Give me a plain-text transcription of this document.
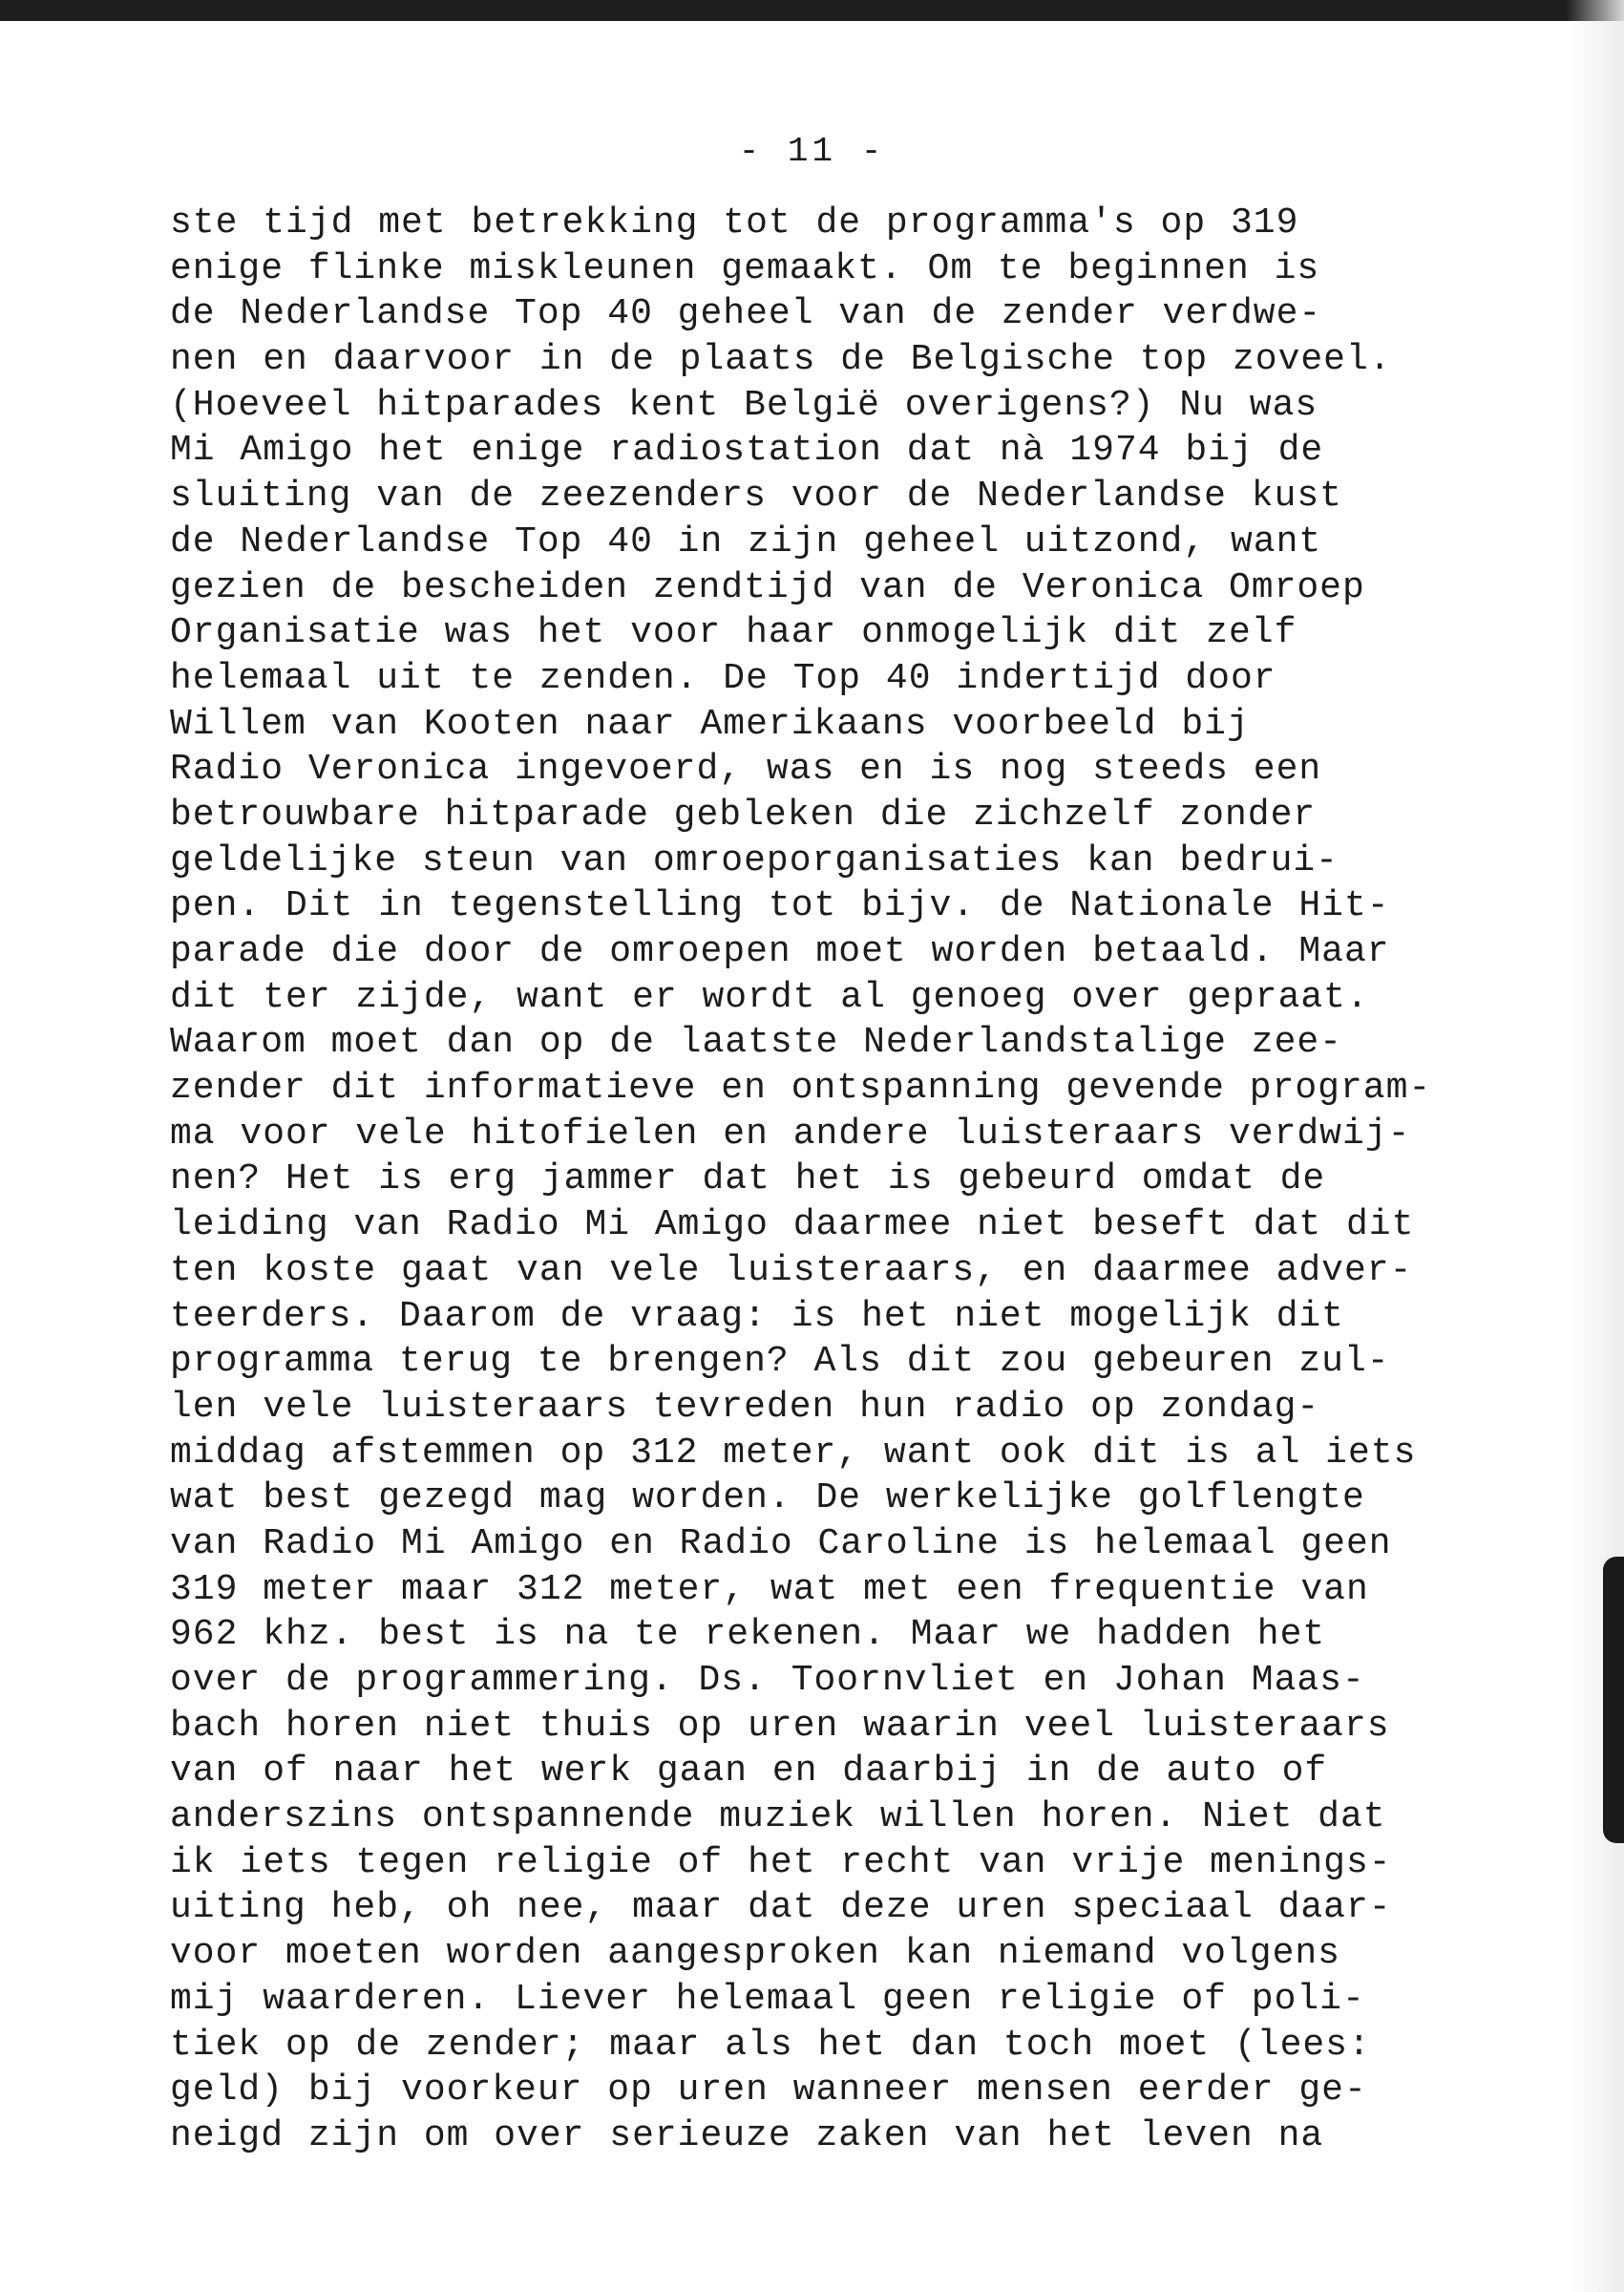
- 11 -
ste tijd met betrekking tot de programma's op 319
enige flinke miskleunen gemaakt. Om te beginnen is
de Nederlandse Top 40 geheel van de zender verdwe-
nen en daarvoor in de plaats de Belgische top zoveel.
(Hoeveel hitparades kent België overigens?) Nu was
Mi Amigo het enige radiostation dat nà 1974 bij de
sluiting van de zeezenders voor de Nederlandse kust
de Nederlandse Top 40 in zijn geheel uitzond, want
gezien de bescheiden zendtijd van de Veronica Omroep
Organisatie was het voor haar onmogelijk dit zelf
helemaal uit te zenden. De Top 40 indertijd door
Willem van Kooten naar Amerikaans voorbeeld bij
Radio Veronica ingevoerd, was en is nog steeds een
betrouwbare hitparade gebleken die zichzelf zonder
geldelijke steun van omroeporganisaties kan bedrui-
pen. Dit in tegenstelling tot bijv. de Nationale Hit-
parade die door de omroepen moet worden betaald. Maar
dit ter zijde, want er wordt al genoeg over gepraat.
Waarom moet dan op de laatste Nederlandstalige zee-
zender dit informatieve en ontspanning gevende program-
ma voor vele hitofielen en andere luisteraars verdwij-
nen? Het is erg jammer dat het is gebeurd omdat de
leiding van Radio Mi Amigo daarmee niet beseft dat dit
ten koste gaat van vele luisteraars, en daarmee adver-
teerders. Daarom de vraag: is het niet mogelijk dit
programma terug te brengen? Als dit zou gebeuren zul-
len vele luisteraars tevreden hun radio op zondag-
middag afstemmen op 312 meter, want ook dit is al iets
wat best gezegd mag worden. De werkelijke golflengte
van Radio Mi Amigo en Radio Caroline is helemaal geen
319 meter maar 312 meter, wat met een frequentie van
962 khz. best is na te rekenen. Maar we hadden het
over de programmering. Ds. Toornvliet en Johan Maas-
bach horen niet thuis op uren waarin veel luisteraars
van of naar het werk gaan en daarbij in de auto of
anderszins ontspannende muziek willen horen. Niet dat
ik iets tegen religie of het recht van vrije menings-
uiting heb, oh nee, maar dat deze uren speciaal daar-
voor moeten worden aangesproken kan niemand volgens
mij waarderen. Liever helemaal geen religie of poli-
tiek op de zender; maar als het dan toch moet (lees:
geld) bij voorkeur op uren wanneer mensen eerder ge-
neigd zijn om over serieuze zaken van het leven na
